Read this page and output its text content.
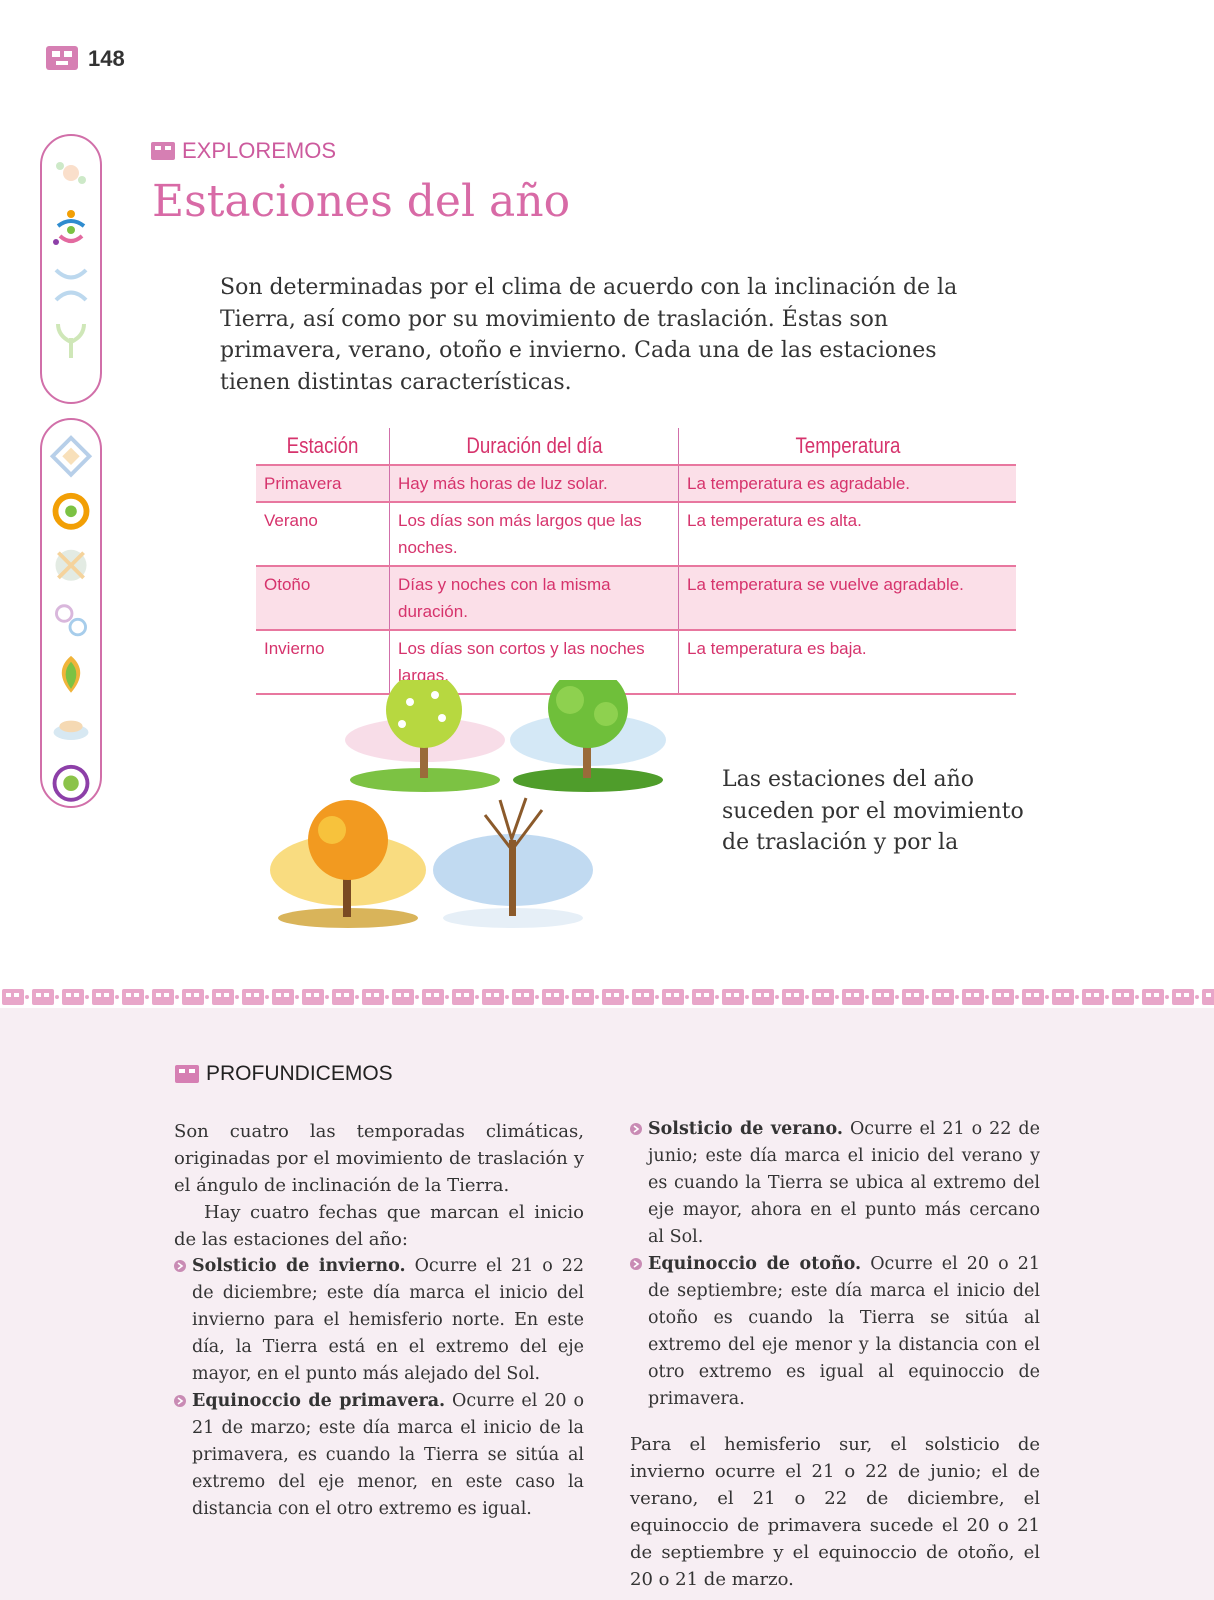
148
EXPLOREMOS
Estaciones del año

Son determinadas por el clima de acuerdo con la inclinación de la Tierra, así como por su movimiento de traslación. Éstas son primavera, verano, otoño e invierno. Cada una de las estaciones tienen distintas características.

Estación	Duración del día	Temperatura
Primavera	Hay más horas de luz solar.	La temperatura es agradable.
Verano	Los días son más largos que las noches.	La temperatura es alta.
Otoño	Días y noches con la misma duración.	La temperatura se vuelve agradable.
Invierno	Los días son cortos y las noches largas.	La temperatura es baja.

Las estaciones del año suceden por el movimiento de traslación y por la

PROFUNDICEMOS

Son cuatro las temporadas climáticas, originadas por el movimiento de traslación y el ángulo de inclinación de la Tierra.

Hay cuatro fechas que marcan el inicio de las estaciones del año:

Solsticio de invierno. Ocurre el 21 o 22 de diciembre; este día marca el inicio del invierno para el hemisferio norte. En este día, la Tierra está en el extremo del eje mayor, en el punto más alejado del Sol.

Equinoccio de primavera. Ocurre el 20 o 21 de marzo; este día marca el inicio de la primavera, es cuando la Tierra se sitúa al extremo del eje menor, en este caso la distancia con el otro extremo es igual.

Solsticio de verano. Ocurre el 21 o 22 de junio; este día marca el inicio del verano y es cuando la Tierra se ubica al extremo del eje mayor, ahora en el punto más cercano al Sol.

Equinoccio de otoño. Ocurre el 20 o 21 de septiembre; este día marca el inicio del otoño es cuando la Tierra se sitúa al extremo del eje menor y la distancia con el otro extremo es igual al equinoccio de primavera.

Para el hemisferio sur, el solsticio de invierno ocurre el 21 o 22 de junio; el de verano, el 21 o 22 de diciembre, el equinoccio de primavera sucede el 20 o 21 de septiembre y el equinoccio de otoño, el 20 o 21 de marzo.
